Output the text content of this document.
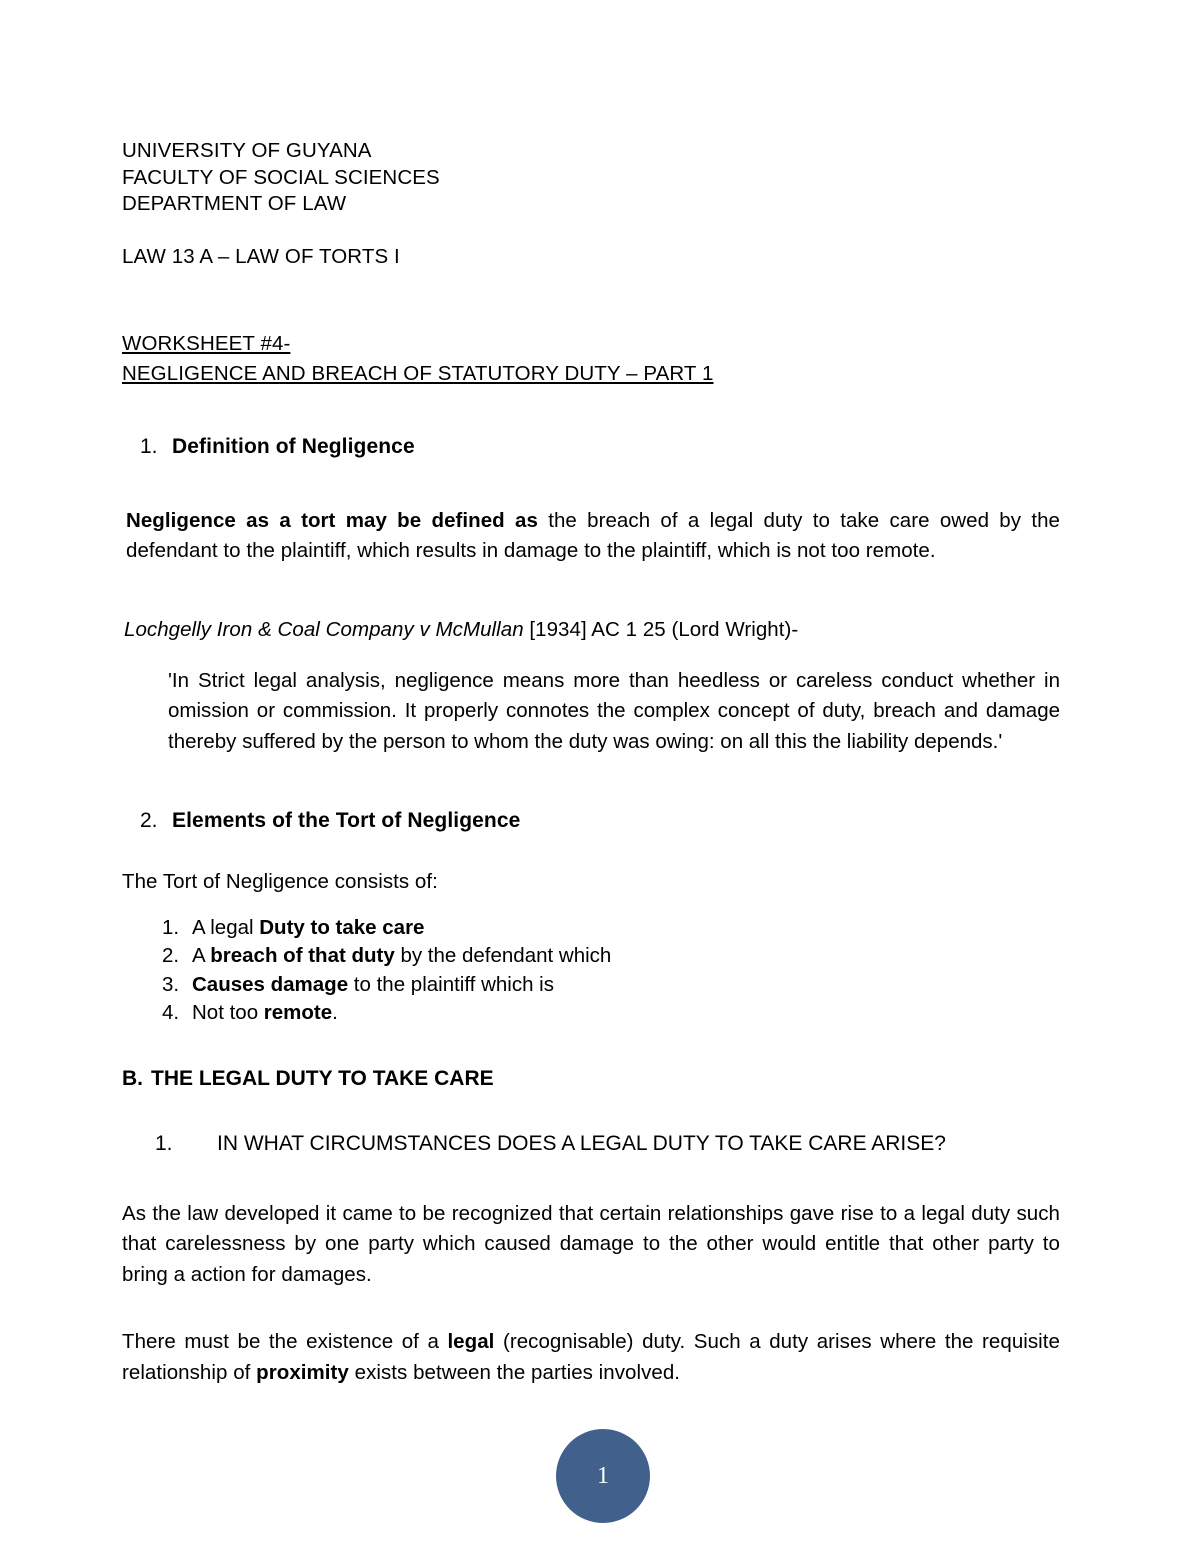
UNIVERSITY OF GUYANA
FACULTY OF SOCIAL SCIENCES
DEPARTMENT OF LAW
LAW 13 A – LAW OF TORTS I
WORKSHEET #4-
NEGLIGENCE AND BREACH OF STATUTORY DUTY – PART 1
1. Definition of Negligence

Negligence as a tort may be defined as the breach of a legal duty to take care owed by the defendant to the plaintiff, which results in damage to the plaintiff, which is not too remote.

Lochgelly Iron & Coal Company v McMullan [1934] AC 1 25 (Lord Wright)-

'In Strict legal analysis, negligence means more than heedless or careless conduct whether in omission or commission. It properly connotes the complex concept of duty, breach and damage thereby suffered by the person to whom the duty was owing: on all this the liability depends.'
2. Elements of the Tort of Negligence

The Tort of Negligence consists of:

1. A legal Duty to take care
2. A breach of that duty by the defendant which
3. Causes damage to the plaintiff which is
4. Not too remote.
B. THE LEGAL DUTY TO TAKE CARE
1.	IN WHAT CIRCUMSTANCES DOES A LEGAL DUTY TO TAKE CARE ARISE?

As the law developed it came to be recognized that certain relationships gave rise to a legal duty such that carelessness by one party which caused damage to the other would entitle that other party to bring a action for damages.

There must be the existence of a legal (recognisable) duty. Such a duty arises where the requisite relationship of proximity exists between the parties involved.

1
